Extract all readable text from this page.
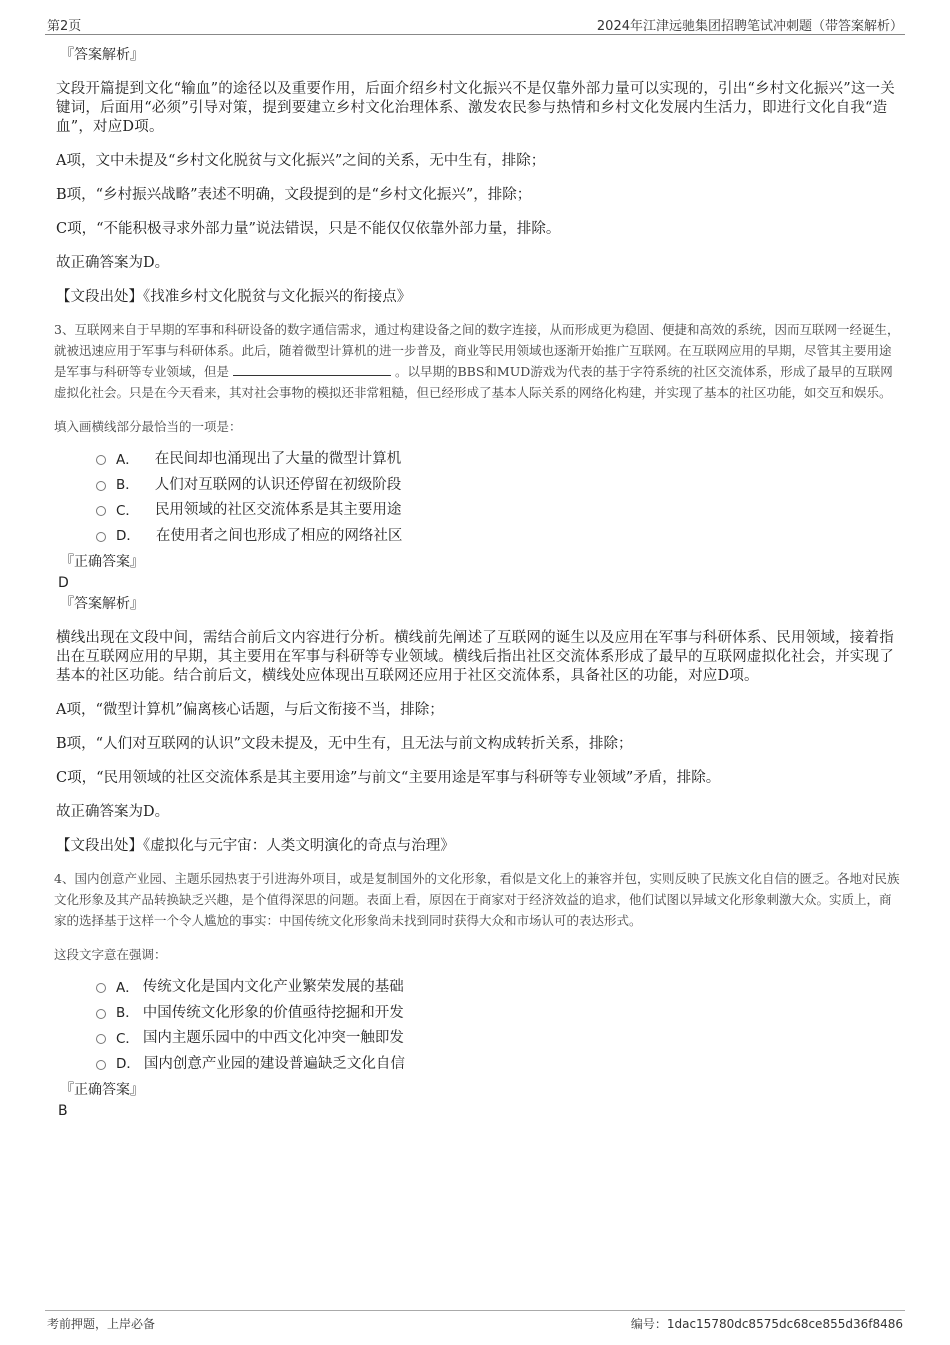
第2页	2024年江津远驰集团招聘笔试冲刺题（带答案解析）
『答案解析』
文段开篇提到文化“输血”的途径以及重要作用，后面介绍乡村文化振兴不是仅靠外部力量可以实现的，引出“乡村文化振兴”这一关键词，后面用“必须”引导对策，提到要建立乡村文化治理体系、激发农民参与热情和乡村文化发展内生活力，即进行文化自我“造血”，对应D项。
A项，文中未提及“乡村文化脱贫与文化振兴”之间的关系，无中生有，排除；
B项，“乡村振兴战略”表述不明确，文段提到的是“乡村文化振兴”，排除；
C项，“不能积极寻求外部力量”说法错误，只是不能仅仅依靠外部力量，排除。
故正确答案为D。
【文段出处】《找准乡村文化脱贫与文化振兴的衔接点》
3、互联网来自于早期的军事和科研设备的数字通信需求，通过构建设备之间的数字连接，从而形成更为稳固、便捷和高效的系统，因而互联网一经诞生，就被迅速应用于军事与科研体系。此后，随着微型计算机的进一步普及，商业等民用领域也逐渐开始推广互联网。在互联网应用的早期，尽管其主要用途是军事与科研等专业领域，但是	。以早期的BBS和MUD游戏为代表的基于字符系统的社区交流体系，形成了最早的互联网虚拟化社会。只是在今天看来，其对社会事物的模拟还非常粗糙，但已经形成了基本人际关系的网络化构建，并实现了基本的社区功能，如交互和娱乐。
填入画横线部分最恰当的一项是：
A． 在民间却也涌现出了大量的微型计算机
B． 人们对互联网的认识还停留在初级阶段
C． 民用领域的社区交流体系是其主要用途
D． 在使用者之间也形成了相应的网络社区
『正确答案』
D
『答案解析』
横线出现在文段中间，需结合前后文内容进行分析。横线前先阐述了互联网的诞生以及应用在军事与科研体系、民用领域，接着指出在互联网应用的早期，其主要用在军事与科研等专业领域。横线后指出社区交流体系形成了最早的互联网虚拟化社会，并实现了基本的社区功能。结合前后文，横线处应体现出互联网还应用于社区交流体系，具备社区的功能，对应D项。
A项，“微型计算机”偏离核心话题，与后文衔接不当，排除；
B项，“人们对互联网的认识”文段未提及，无中生有，且无法与前文构成转折关系，排除；
C项，“民用领域的社区交流体系是其主要用途”与前文“主要用途是军事与科研等专业领域”矛盾，排除。
故正确答案为D。
【文段出处】《虚拟化与元宇宙：人类文明演化的奇点与治理》
4、国内创意产业园、主题乐园热衷于引进海外项目，或是复制国外的文化形象，看似是文化上的兼容并包，实则反映了民族文化自信的匮乏。各地对民族文化形象及其产品转换缺乏兴趣，是个值得深思的问题。表面上看，原因在于商家对于经济效益的追求，他们试图以异域文化形象刺激大众。实质上，商家的选择基于这样一个令人尴尬的事实：中国传统文化形象尚未找到同时获得大众和市场认可的表达形式。
这段文字意在强调：
A． 传统文化是国内文化产业繁荣发展的基础
B． 中国传统文化形象的价值亟待挖掘和开发
C． 国内主题乐园中的中西文化冲突一触即发
D． 国内创意产业园的建设普遍缺乏文化自信
『正确答案』
B
考前押题，上岸必备	编号：1dac15780dc8575dc68ce855d36f8486
